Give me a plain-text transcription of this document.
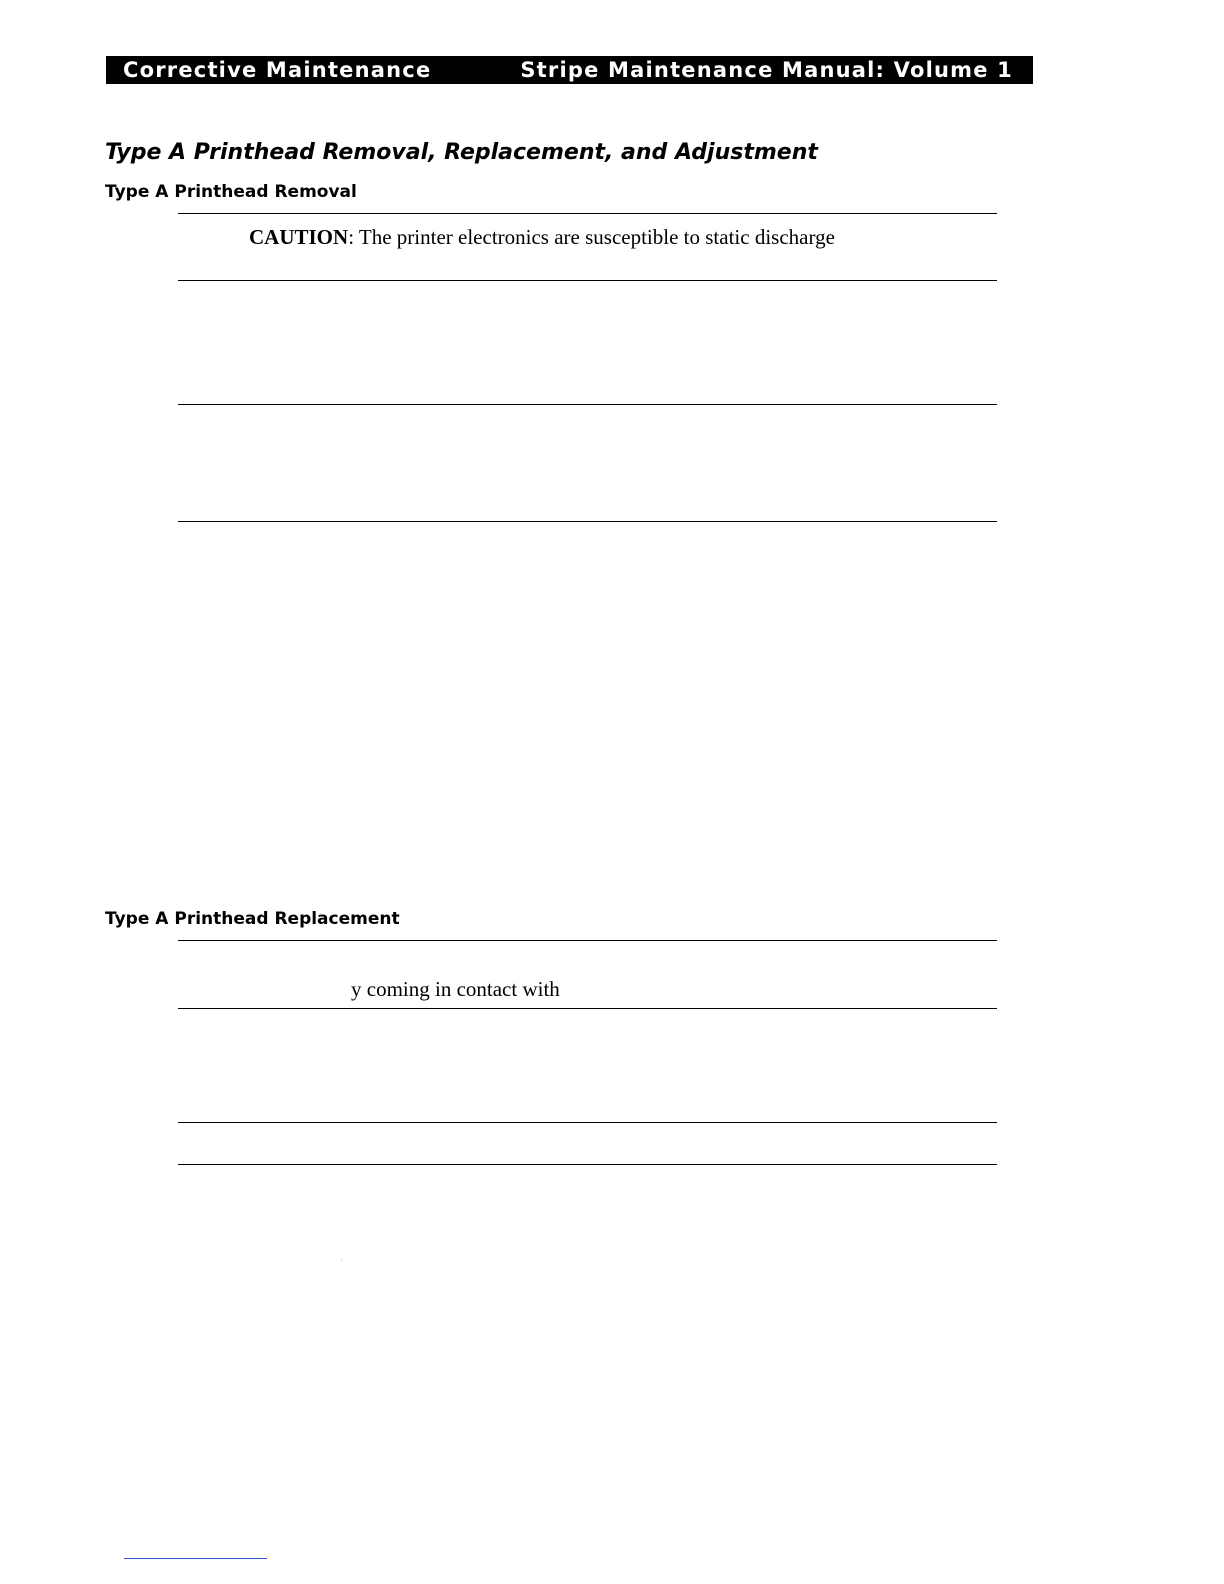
Corrective Maintenance	Stripe Maintenance Manual: Volume 1
Type A Printhead Removal, Replacement, and Adjustment
Type A Printhead Removal
CAUTION: The printer electronics are susceptible to static discharge
Type A Printhead Replacement
y coming in contact with
